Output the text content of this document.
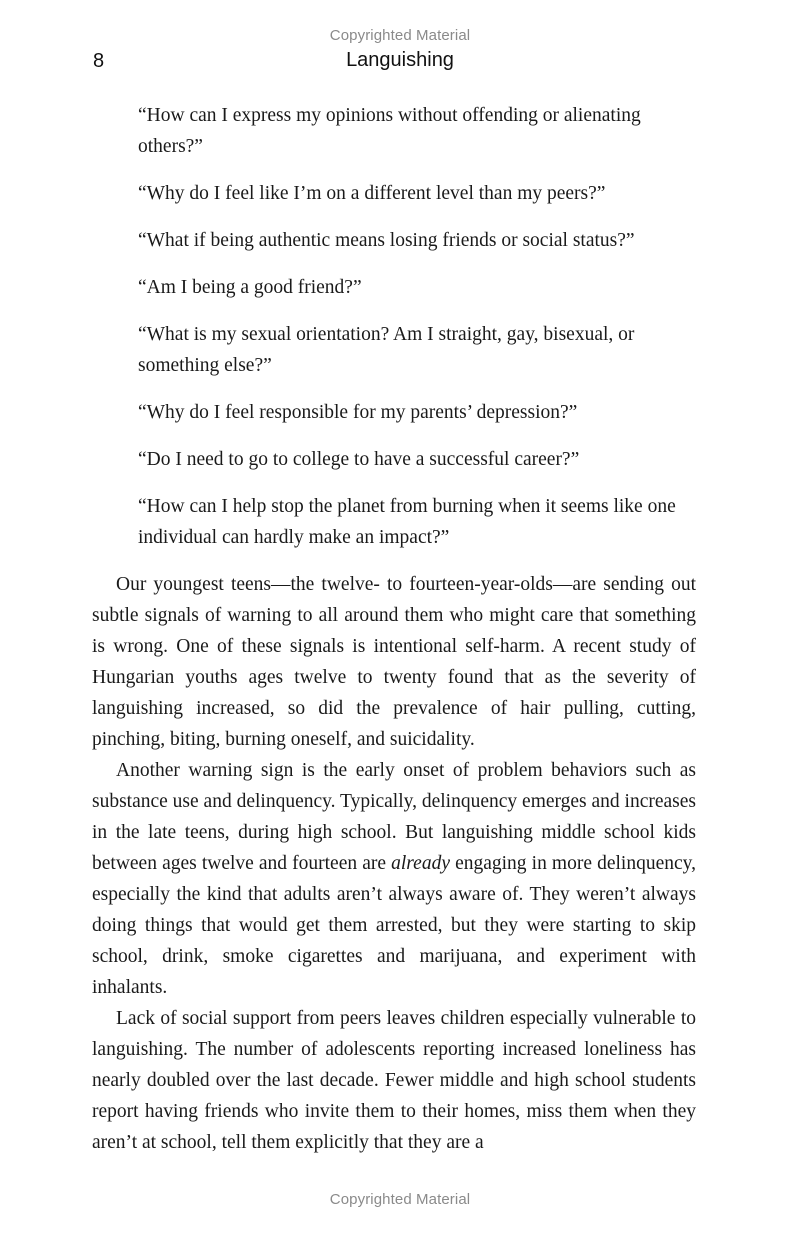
Copyrighted Material
8	Languishing

“How can I express my opinions without offending or alienating others?”

“Why do I feel like I’m on a different level than my peers?”

“What if being authentic means losing friends or social status?”

“Am I being a good friend?”

“What is my sexual orientation? Am I straight, gay, bisexual, or something else?”

“Why do I feel responsible for my parents’ depression?”

“Do I need to go to college to have a successful career?”

“How can I help stop the planet from burning when it seems like one individual can hardly make an impact?”

Our youngest teens—the twelve- to fourteen-year-olds—are sending out subtle signals of warning to all around them who might care that something is wrong. One of these signals is intentional self-harm. A recent study of Hungarian youths ages twelve to twenty found that as the severity of languishing increased, so did the prevalence of hair pulling, cutting, pinching, biting, burning oneself, and suicidality.

Another warning sign is the early onset of problem behaviors such as substance use and delinquency. Typically, delinquency emerges and increases in the late teens, during high school. But languishing middle school kids between ages twelve and fourteen are already engaging in more delinquency, especially the kind that adults aren’t always aware of. They weren’t always doing things that would get them arrested, but they were starting to skip school, drink, smoke cigarettes and marijuana, and experiment with inhalants.

Lack of social support from peers leaves children especially vulnerable to languishing. The number of adolescents reporting increased loneliness has nearly doubled over the last decade. Fewer middle and high school students report having friends who invite them to their homes, miss them when they aren’t at school, tell them explicitly that they are a

Copyrighted Material
